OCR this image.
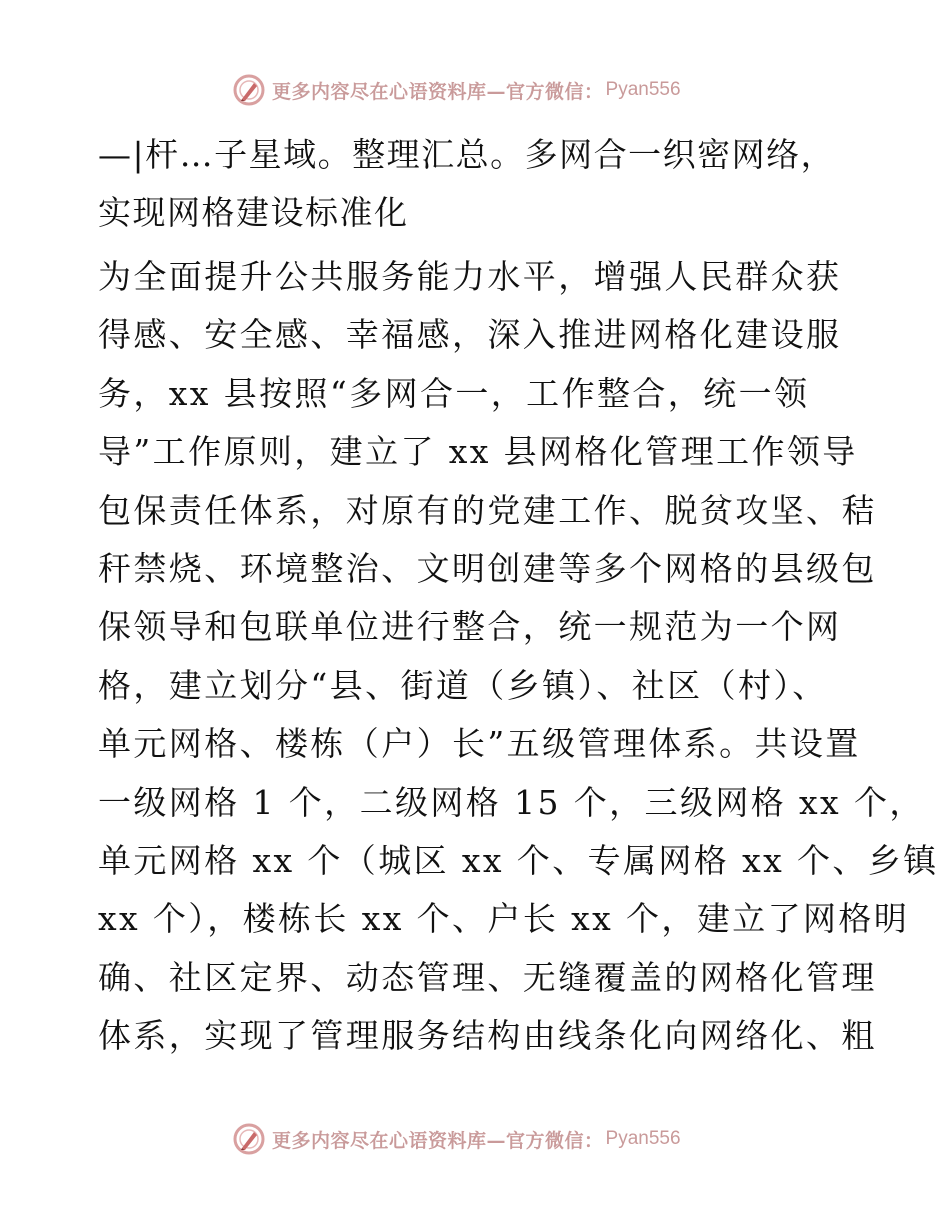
更多内容尽在心语资料库—官方微信： Pyan556
—|杆…子星域。整理汇总。多网合一织密网络，
实现网格建设标准化
为全面提升公共服务能力水平，增强人民群众获
得感、安全感、幸福感，深入推进网格化建设服
务，xx 县按照“多网合一，工作整合，统一领
导”工作原则，建立了 xx 县网格化管理工作领导
包保责任体系，对原有的党建工作、脱贫攻坚、秸
秆禁烧、环境整治、文明创建等多个网格的县级包
保领导和包联单位进行整合，统一规范为一个网
格，建立划分“县、街道（乡镇）、社区（村）、
单元网格、楼栋（户）长”五级管理体系。共设置
一级网格 1 个，二级网格 15 个，三级网格 xx 个，
单元网格 xx 个（城区 xx 个、专属网格 xx 个、乡镇
xx 个），楼栋长 xx 个、户长 xx 个，建立了网格明
确、社区定界、动态管理、无缝覆盖的网格化管理
体系，实现了管理服务结构由线条化向网络化、粗
更多内容尽在心语资料库—官方微信： Pyan556
